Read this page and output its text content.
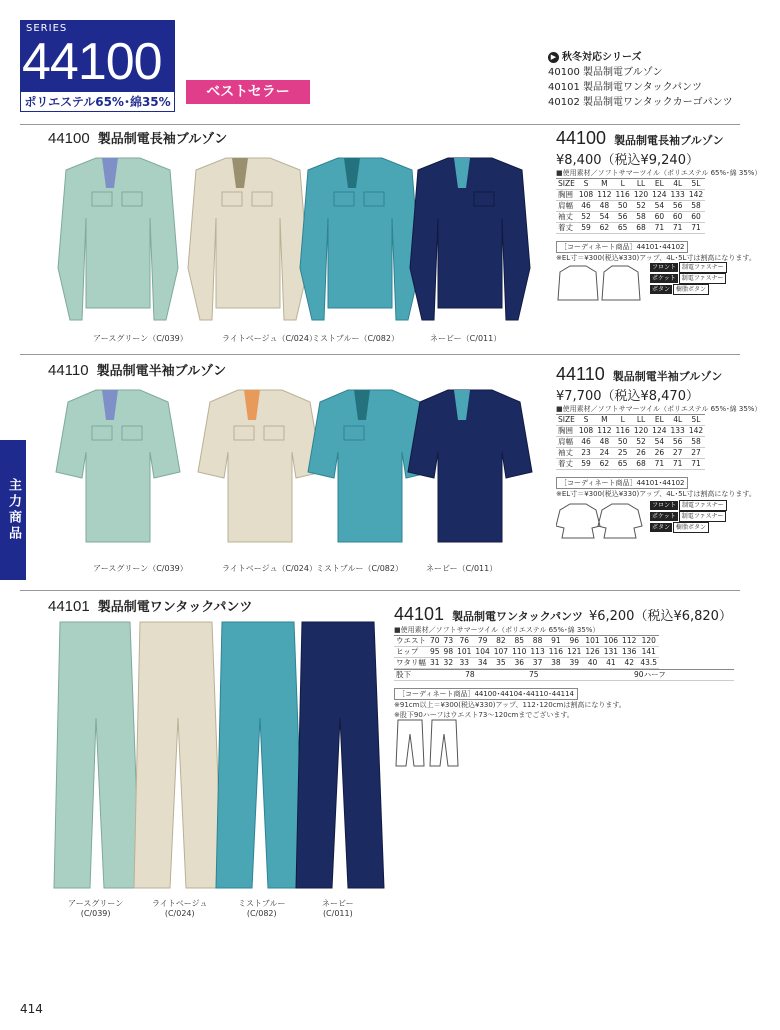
SERIES
44100
ポリエステル65%･綿35%
ベストセラー
▶ 秋冬対応シリーズ
40100 製品制電ブルゾン
40101 製品制電ワンタックパンツ
40102 製品制電ワンタックカーゴパンツ
主力商品
44100 製品制電長袖ブルゾン
アースグリーン（C/039）	ライトベージュ（C/024）
ミストブルー（C/082）	ネービー（C/011）
44100 製品制電長袖ブルゾン
¥8,400（税込¥9,240）
■使用素材／ソフトサマーツイル（ポリエステル 65%･綿 35%）
SIZE	S	M	L	LL	EL	4L	5L
胸囲	108	112	116	120	124	133	142
肩幅	46	48	50	52	54	56	58
袖丈	52	54	56	58	60	60	60
着丈	59	62	65	68	71	71	71
［コーディネート商品］44101･44102
※EL寸＝¥300(税込¥330)アップ、4L･5L寸は割高になります。
フロント 制電ファスナー
ポケット 制電ファスナー
ボタン 樹脂ボタン
44110 製品制電半袖ブルゾン
アースグリーン（C/039）	ライトベージュ（C/024） ミストブルー（C/082）	ネービー（C/011）
44110 製品制電半袖ブルゾン
¥7,700（税込¥8,470）
■使用素材／ソフトサマーツイル（ポリエステル 65%･綿 35%）
SIZE	S	M	L	LL	EL	4L	5L
胸囲	108	112	116	120	124	133	142
肩幅	46	48	50	52	54	56	58
袖丈	23	24	25	26	26	27	27
着丈	59	62	65	68	71	71	71
［コーディネート商品］44101･44102
※EL寸＝¥300(税込¥330)アップ、4L･5L寸は割高になります。
フロント 制電ファスナー
ポケット 制電ファスナー
ボタン 樹脂ボタン
44101 製品制電ワンタックパンツ
アースグリーン
(C/039)
ライトベージュ
(C/024)
ミストブルー
(C/082)
ネービー
(C/011)
44101 製品制電ワンタックパンツ ¥6,200（税込¥6,820）
■使用素材／ソフトサマーツイル（ポリエステル 65%･綿 35%）
ウエスト	70	73	76	79	82	85	88	91	96	101	106	112	120
ヒップ	95	98	101	104	107	110	113	116	121	126	131	136	141
ワタリ幅	31	32	33	34	35	36	37	38	39	40	41	42	43.5
股下	78	75	90ハーフ
［コーディネート商品］44100･44104･44110･44114
※91cm以上＝¥300(税込¥330)アップ、112･120cmは割高になります。
※股下90ハーフはウエスト73～120cmまでございます。
414
